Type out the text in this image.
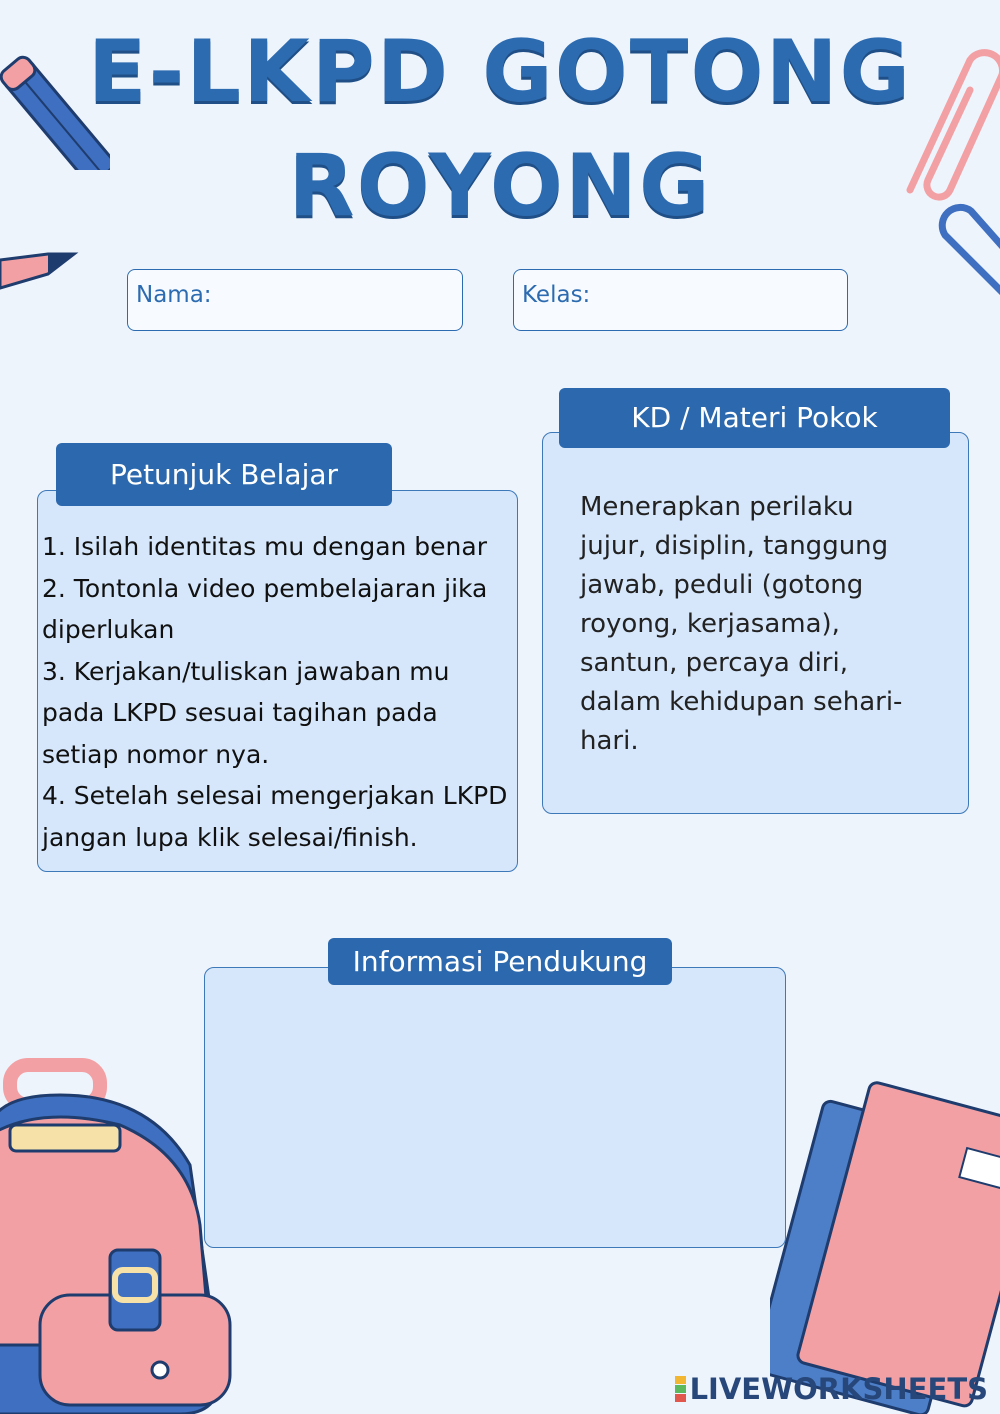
E-LKPD GOTONG
ROYONG
Nama:	Kelas:
1. Isilah identitas mu dengan benar
2. Tontonla video pembelajaran jika diperlukan
3. Kerjakan/tuliskan jawaban mu pada LKPD sesuai tagihan pada setiap nomor nya.
4. Setelah selesai mengerjakan LKPD jangan lupa klik selesai/finish.
Petunjuk Belajar
Menerapkan perilaku jujur, disiplin, tanggung jawab, peduli (gotong royong, kerjasama), santun, percaya diri, dalam kehidupan sehari-hari.
KD / Materi Pokok
Informasi Pendukung
LIVEWORKSHEETS
